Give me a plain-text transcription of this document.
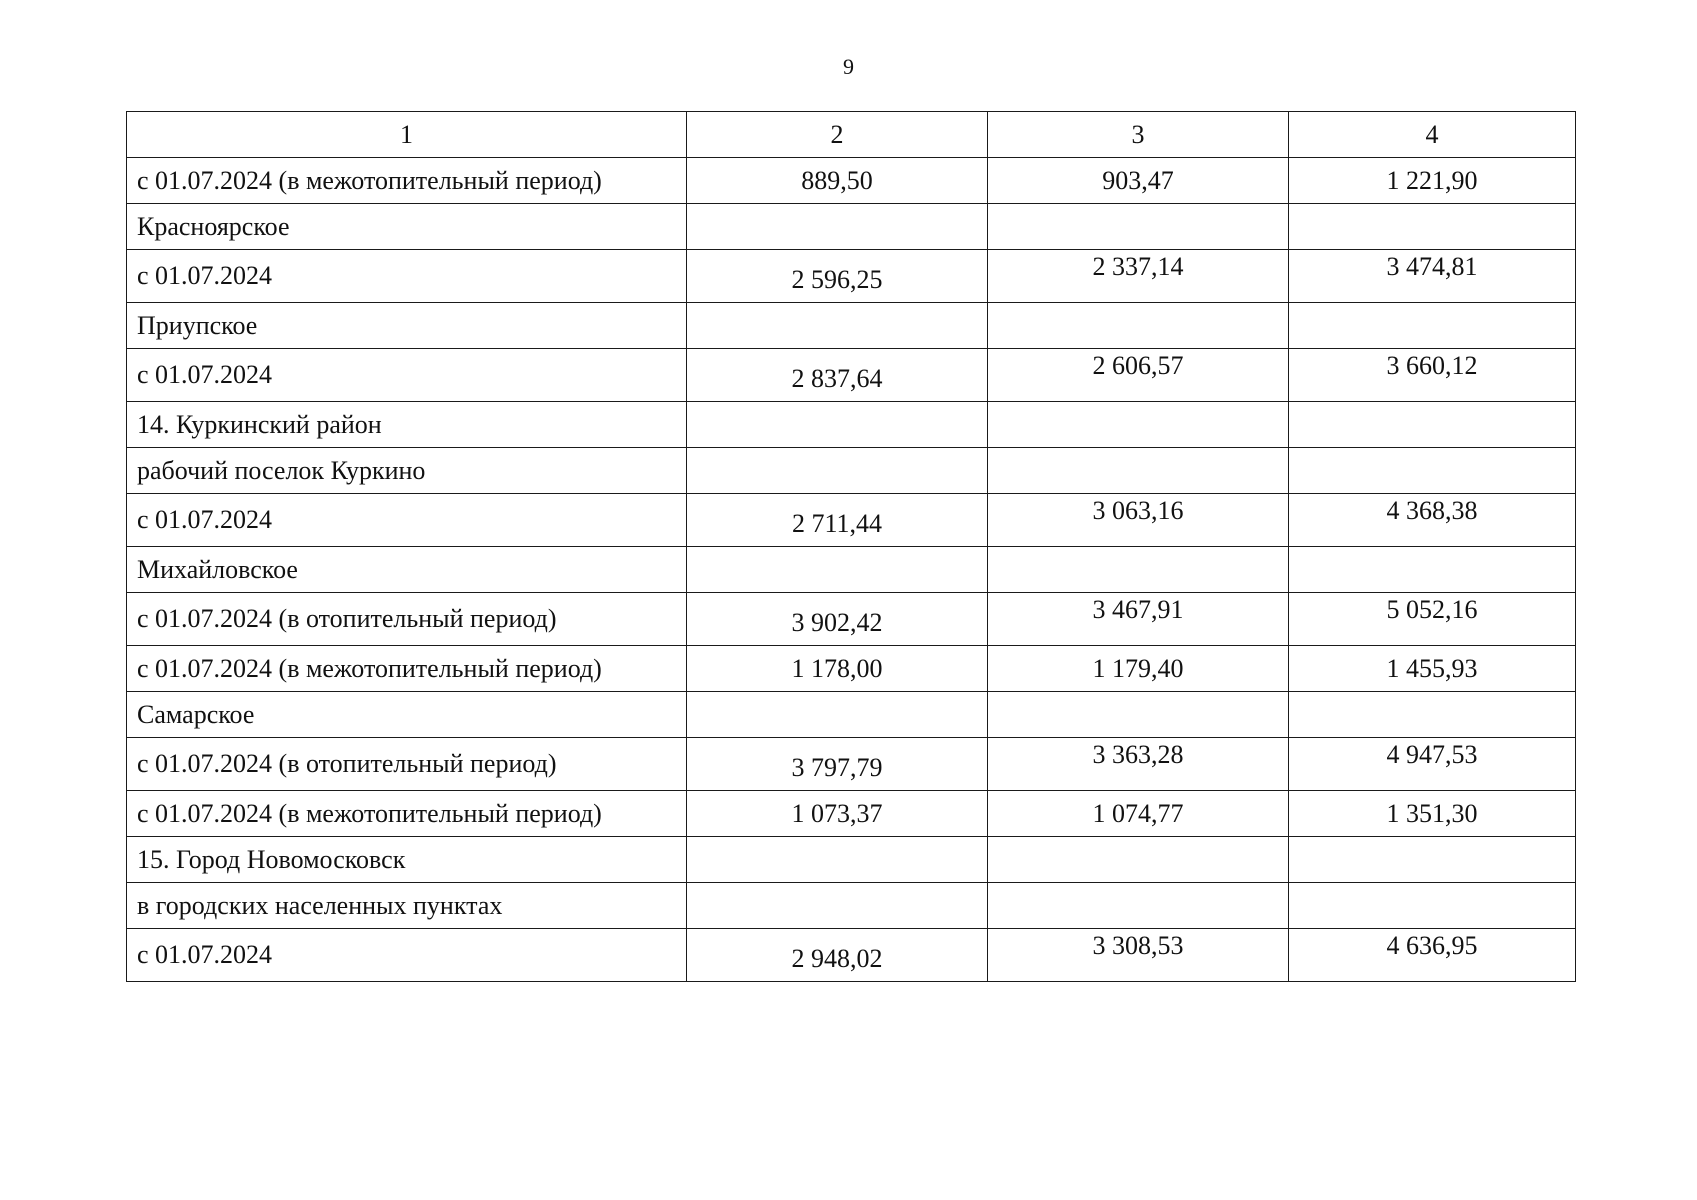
9
1	2	3	4
с 01.07.2024 (в межотопительный период)	889,50	903,47	1 221,90
Красноярское			
с 01.07.2024	2 596,25	2 337,14	3 474,81
Приупское			
с 01.07.2024	2 837,64	2 606,57	3 660,12
14. Куркинский район			
рабочий поселок Куркино			
с 01.07.2024	2 711,44	3 063,16	4 368,38
Михайловское			
с 01.07.2024 (в отопительный период)	3 902,42	3 467,91	5 052,16
с 01.07.2024 (в межотопительный период)	1 178,00	1 179,40	1 455,93
Самарское			
с 01.07.2024 (в отопительный период)	3 797,79	3 363,28	4 947,53
с 01.07.2024 (в межотопительный период)	1 073,37	1 074,77	1 351,30
15. Город Новомосковск			
в городских населенных пунктах			
с 01.07.2024	2 948,02	3 308,53	4 636,95
